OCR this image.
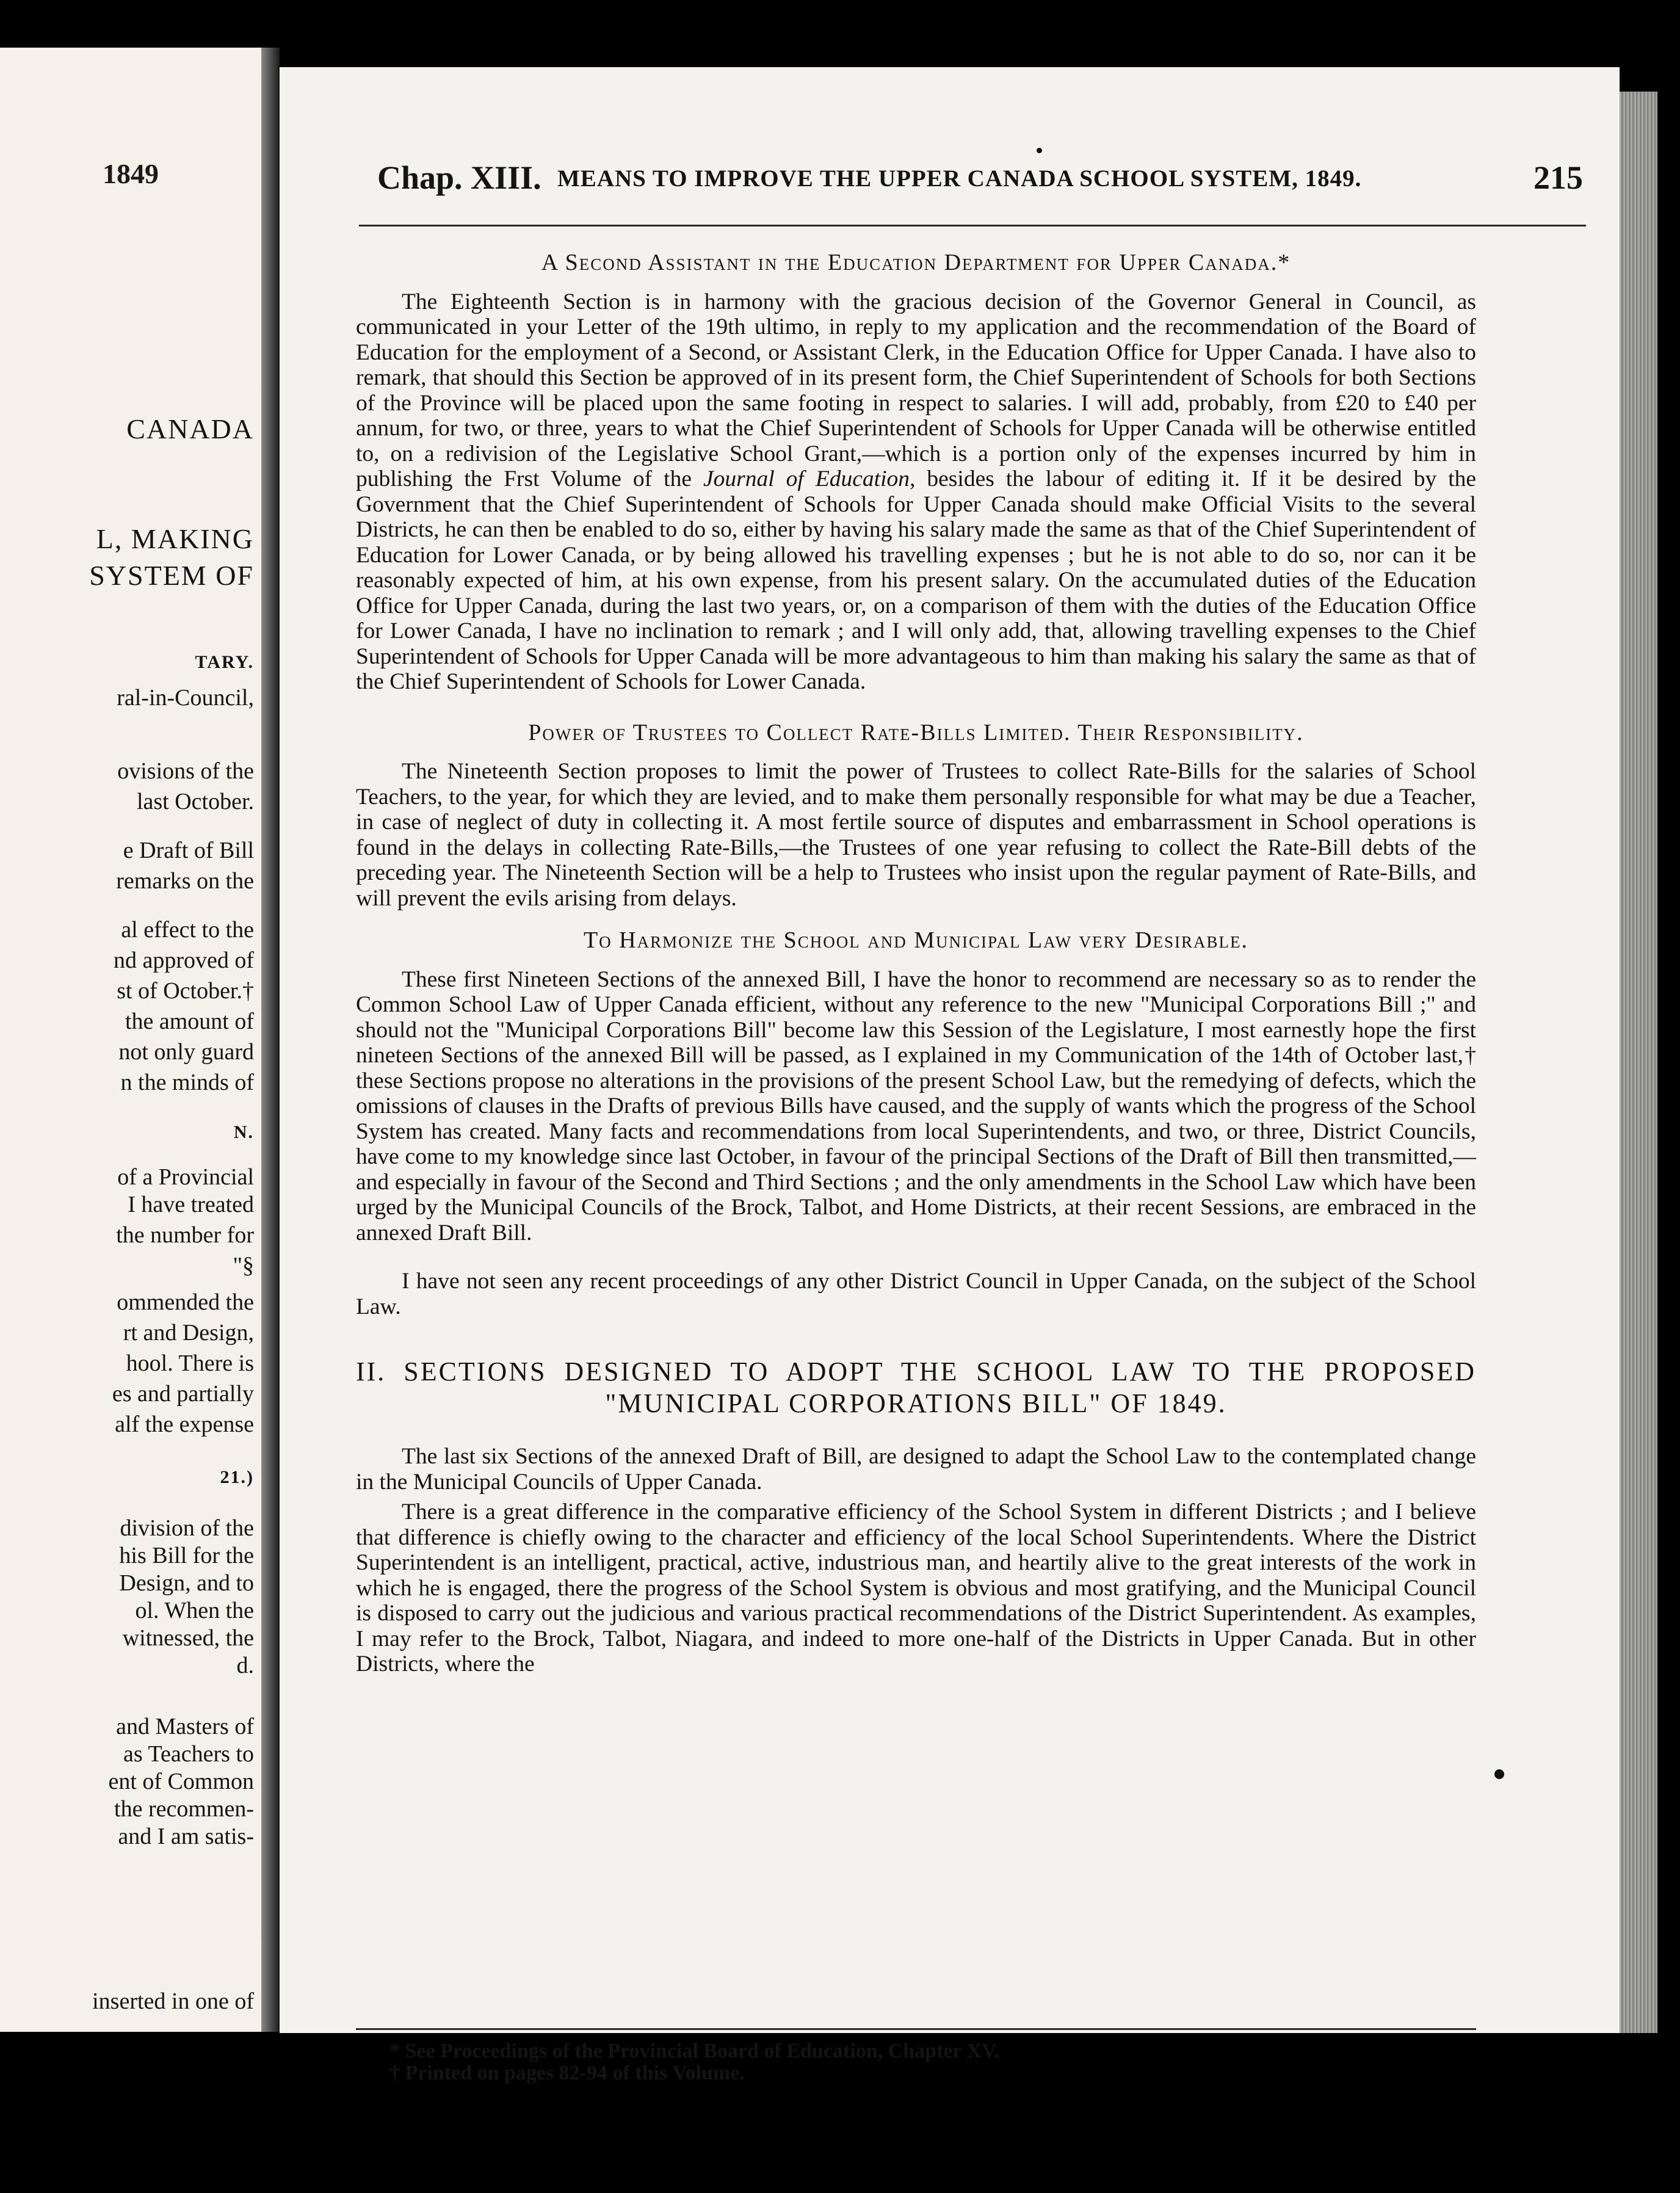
1849
CANADA
L, MAKING
SYSTEM OF
TARY.
ral-in-Council,
ovisions of the
last October.
e Draft of Bill
remarks on the
al effect to the
nd approved of
st of October.†
the amount of
not only guard
n the minds of
N.
of a Provincial
I have treated
the number for
"§
ommended the
rt and Design,
hool. There is
es and partially
alf the expense
21.)
division of the
his Bill for the
Design, and to
ol. When the
witnessed, the
d.
and Masters of
as Teachers to
ent of Common
the recommen-
and I am satis-
inserted in one of
Chap. XIII. MEANS TO IMPROVE THE UPPER CANADA SCHOOL SYSTEM, 1849.	215
A Second Assistant in the Education Department for Upper Canada.*

The Eighteenth Section is in harmony with the gracious decision of the Governor General in Council, as communicated in your Letter of the 19th ultimo, in reply to my application and the recommendation of the Board of Education for the employment of a Second, or Assistant Clerk, in the Education Office for Upper Canada. I have also to remark, that should this Section be approved of in its present form, the Chief Superintendent of Schools for both Sections of the Province will be placed upon the same footing in respect to salaries. I will add, probably, from £20 to £40 per annum, for two, or three, years to what the Chief Superintendent of Schools for Upper Canada will be otherwise entitled to, on a redivision of the Legislative School Grant,—which is a portion only of the expenses incurred by him in publishing the Frst Volume of the Journal of Education, besides the labour of editing it. If it be desired by the Government that the Chief Superintendent of Schools for Upper Canada should make Official Visits to the several Districts, he can then be enabled to do so, either by having his salary made the same as that of the Chief Superintendent of Education for Lower Canada, or by being allowed his travelling expenses ; but he is not able to do so, nor can it be reasonably expected of him, at his own expense, from his present salary. On the accumulated duties of the Education Office for Upper Canada, during the last two years, or, on a comparison of them with the duties of the Education Office for Lower Canada, I have no inclination to remark ; and I will only add, that, allowing travelling expenses to the Chief Superintendent of Schools for Upper Canada will be more advantageous to him than making his salary the same as that of the Chief Superintendent of Schools for Lower Canada.

Power of Trustees to Collect Rate-Bills Limited. Their Responsibility.

The Nineteenth Section proposes to limit the power of Trustees to collect Rate-Bills for the salaries of School Teachers, to the year, for which they are levied, and to make them personally responsible for what may be due a Teacher, in case of neglect of duty in collecting it. A most fertile source of disputes and embarrassment in School operations is found in the delays in collecting Rate-Bills,—the Trustees of one year refusing to collect the Rate-Bill debts of the preceding year. The Nineteenth Section will be a help to Trustees who insist upon the regular payment of Rate-Bills, and will prevent the evils arising from delays.

To Harmonize the School and Municipal Law very Desirable.

These first Nineteen Sections of the annexed Bill, I have the honor to recommend are necessary so as to render the Common School Law of Upper Canada efficient, without any reference to the new "Municipal Corporations Bill ;" and should not the "Municipal Corporations Bill" become law this Session of the Legislature, I most earnestly hope the first nineteen Sections of the annexed Bill will be passed, as I explained in my Communication of the 14th of October last,† these Sections propose no alterations in the provisions of the present School Law, but the remedying of defects, which the omissions of clauses in the Drafts of previous Bills have caused, and the supply of wants which the progress of the School System has created. Many facts and recommendations from local Superintendents, and two, or three, District Councils, have come to my knowledge since last October, in favour of the principal Sections of the Draft of Bill then transmitted,—and especially in favour of the Second and Third Sections ; and the only amendments in the School Law which have been urged by the Municipal Councils of the Brock, Talbot, and Home Districts, at their recent Sessions, are embraced in the annexed Draft Bill.

I have not seen any recent proceedings of any other District Council in Upper Canada, on the subject of the School Law.

II. SECTIONS DESIGNED TO ADOPT THE SCHOOL LAW TO THE PROPOSED
"MUNICIPAL CORPORATIONS BILL" OF 1849.

The last six Sections of the annexed Draft of Bill, are designed to adapt the School Law to the contemplated change in the Municipal Councils of Upper Canada.

There is a great difference in the comparative efficiency of the School System in different Districts ; and I believe that difference is chiefly owing to the character and efficiency of the local School Superintendents. Where the District Superintendent is an intelligent, practical, active, industrious man, and heartily alive to the great interests of the work in which he is engaged, there the progress of the School System is obvious and most gratifying, and the Municipal Council is disposed to carry out the judicious and various practical recommendations of the District Superintendent. As examples, I may refer to the Brock, Talbot, Niagara, and indeed to more one-half of the Districts in Upper Canada. But in other Districts, where the

* See Proceedings of the Provincial Board of Education, Chapter XV.
† Printed on pages 82-94 of this Volume.
